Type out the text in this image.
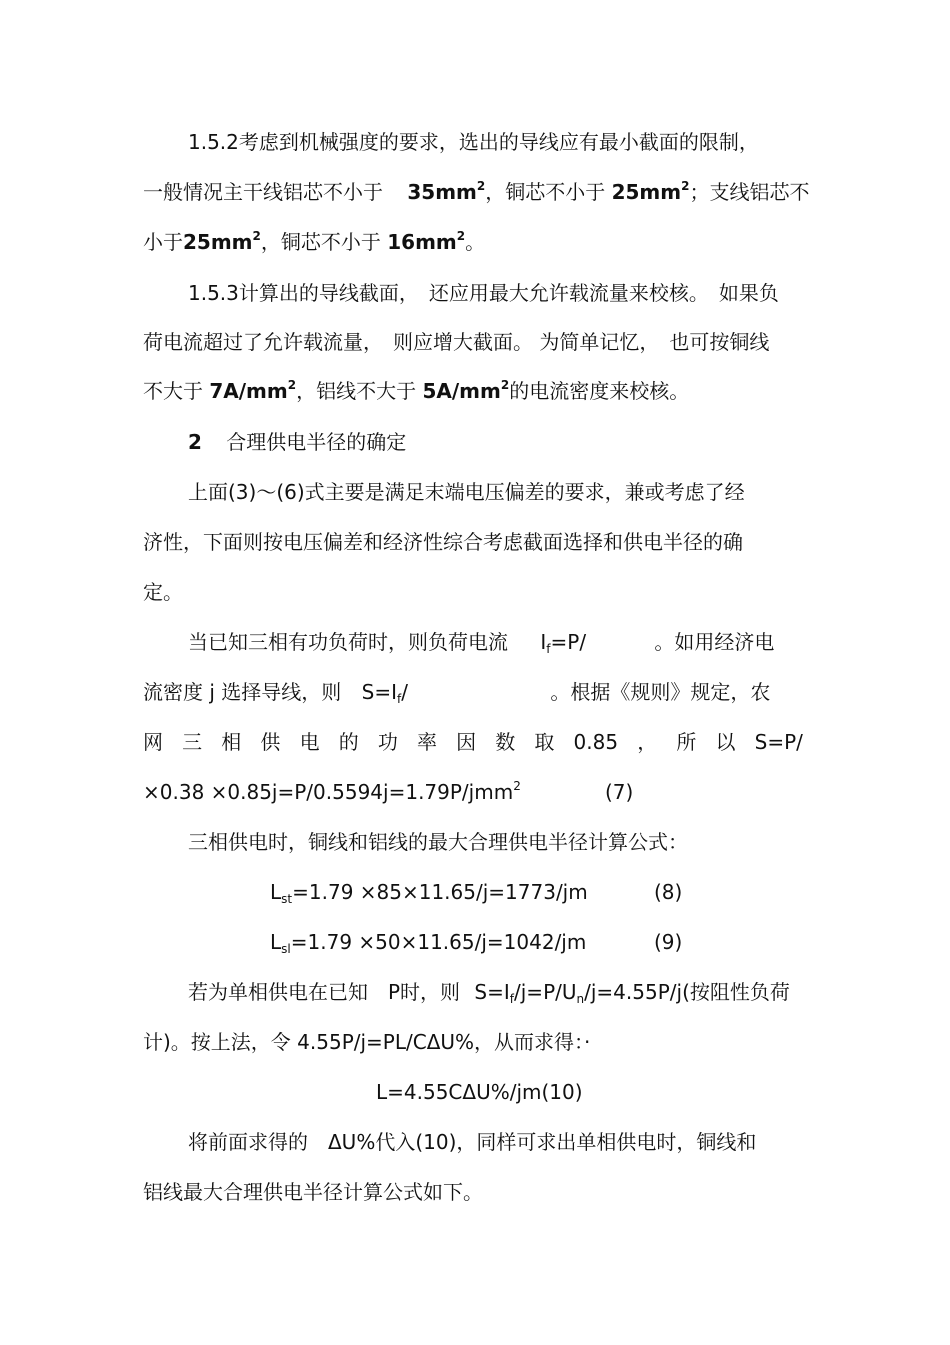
1.5.2考虑到机械强度的要求，选出的导线应有最小截面的限制，
一般情况主干线铝芯不小于 $35mm^2$，铜芯不小于 $25mm^2$；支线铝芯不
小于$25mm^2$，铜芯不小于 $16mm^2$。
1.5.3计算出的导线截面，　还应用最大允许载流量来校核。　如果负
荷电流超过了允许载流量，　则应增大截面。 为简单记忆，　也可按铜线
不大于 $7A/mm^2$，铝线不大于 $5A/mm^2$的电流密度来校核。
2 合理供电半径的确定
上面(3)～(6)式主要是满足末端电压偏差的要求，兼或考虑了经
济性，下面则按电压偏差和经济性综合考虑截面选择和供电半径的确
定。
当已知三相有功负荷时，则负荷电流 $I_f=P/$	。如用经济电
流密度 j 选择导线，则 $S=I_f/$	。根据《规则》规定，农
网 三 相 供 电 的 功 率 因 数 取 0.85 ， 所 以 S=P/
×0.38 ×0.85j=P/0.5594j=1.79P/jmm$^2$	(7)
三相供电时，铜线和铝线的最大合理供电半径计算公式：
$L_{st}=1.79 \times 85\times 11.65/j=1773/jm$	(8)
$L_{sl}=1.79 \times 50\times 11.65/j=1042/jm$	(9)
若为单相供电在已知　P时，则 $S=I_f/j=P/U_n/j=4.55P/j$(按阻性负荷
计)。按上法，令 4.55P/j=PL/CΔU%，从而求得：·
L=4.55CΔU%/jm(10)
将前面求得的　ΔU%代入(10)，同样可求出单相供电时，铜线和
铝线最大合理供电半径计算公式如下。
